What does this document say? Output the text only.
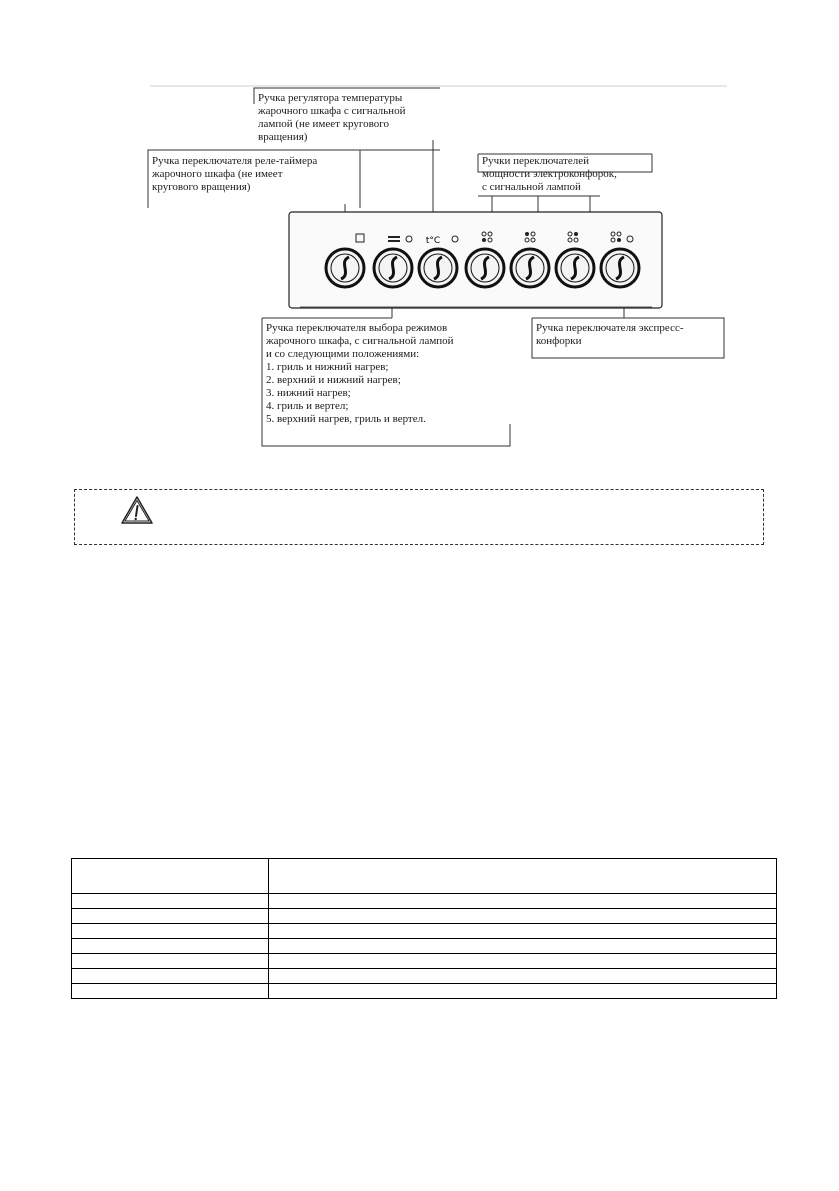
t°C
Ручка регулятора температуры
жарочного шкафа с сигнальной
лампой (не имеет кругового
вращения)
Ручка переключателя реле-таймера
жарочного шкафа (не имеет
кругового вращения)
Ручки переключателей
мощности электроконфорок,
с сигнальной лампой
Ручка переключателя выбора режимов
жарочного шкафа, с сигнальной лампой
и со следующими положениями:
1. гриль и нижний нагрев;
2. верхний и нижний нагрев;
3. нижний нагрев;
4. гриль и вертел;
5. верхний нагрев, гриль и вертел.
Ручка переключателя экспресс-
конфорки
